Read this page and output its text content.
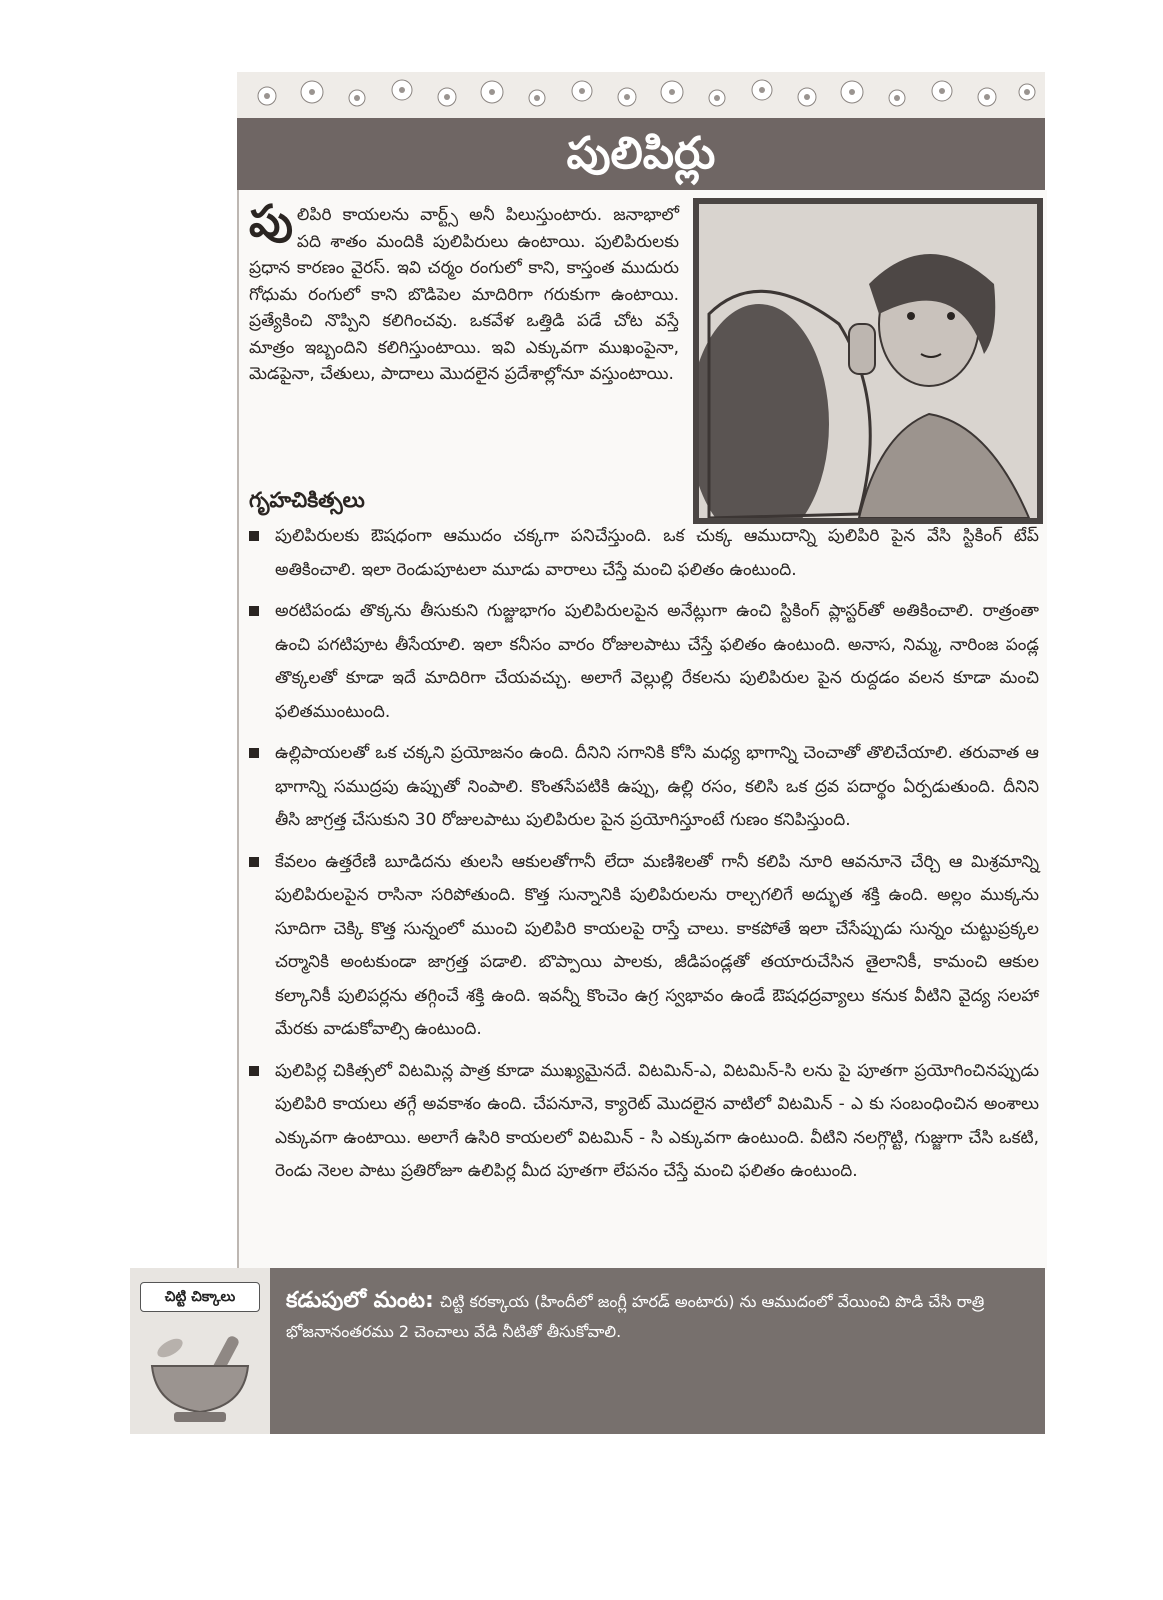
పులిపిర్లు
పులిపిరి కాయలను వార్ట్స్ అనీ పిలుస్తుంటారు. జనాభాలో పది శాతం మందికి పులిపిరులు ఉంటాయి. పులిపిరులకు ప్రధాన కారణం వైరస్. ఇవి చర్మం రంగులో కాని, కాస్తంత ముదురు గోధుమ రంగులో కాని బొడిపెల మాదిరిగా గరుకుగా ఉంటాయి. ప్రత్యేకించి నొప్పిని కలిగించవు. ఒకవేళ ఒత్తిడి పడే చోట వస్తే మాత్రం ఇబ్బందిని కలిగిస్తుంటాయి. ఇవి ఎక్కువగా ముఖంపైనా, మెడపైనా, చేతులు, పాదాలు మొదలైన ప్రదేశాల్లోనూ వస్తుంటాయి.
గృహచికిత్సలు
పులిపిరులకు ఔషధంగా ఆముదం చక్కగా పనిచేస్తుంది. ఒక చుక్క ఆముదాన్ని పులిపిరి పైన వేసి స్టికింగ్ టేప్ అతికించాలి. ఇలా రెండుపూటలా మూడు వారాలు చేస్తే మంచి ఫలితం ఉంటుంది.
అరటిపండు తొక్కను తీసుకుని గుజ్జుభాగం పులిపిరులపైన అనేట్లుగా ఉంచి స్టికింగ్ ప్లాస్టర్‌తో అతికించాలి. రాత్రంతా ఉంచి పగటిపూట తీసేయాలి. ఇలా కనీసం వారం రోజులపాటు చేస్తే ఫలితం ఉంటుంది. అనాస, నిమ్మ, నారింజ పండ్ల తొక్కలతో కూడా ఇదే మాదిరిగా చేయవచ్చు. అలాగే వెల్లుల్లి రేకలను పులిపిరుల పైన రుద్దడం వలన కూడా మంచి ఫలితముంటుంది.
ఉల్లిపాయలతో ఒక చక్కని ప్రయోజనం ఉంది. దీనిని సగానికి కోసి మధ్య భాగాన్ని చెంచాతో తొలిచేయాలి. తరువాత ఆ భాగాన్ని సముద్రపు ఉప్పుతో నింపాలి. కొంతసేపటికి ఉప్పు, ఉల్లి రసం, కలిసి ఒక ద్రవ పదార్థం ఏర్పడుతుంది. దీనిని తీసి జాగ్రత్త చేసుకుని 30 రోజులపాటు పులిపిరుల పైన ప్రయోగిస్తూంటే గుణం కనిపిస్తుంది.
కేవలం ఉత్తరేణి బూడిదను తులసి ఆకులతోగానీ లేదా మణిశిలతో గానీ కలిపి నూరి ఆవనూనె చేర్చి ఆ మిశ్రమాన్ని పులిపిరులపైన రాసినా సరిపోతుంది. కొత్త సున్నానికి పులిపిరులను రాల్చగలిగే అద్భుత శక్తి ఉంది. అల్లం ముక్కను సూదిగా చెక్కి కొత్త సున్నంలో ముంచి పులిపిరి కాయలపై రాస్తే చాలు. కాకపోతే ఇలా చేసేప్పుడు సున్నం చుట్టుప్రక్కల చర్మానికి అంటకుండా జాగ్రత్త పడాలి. బొప్పాయి పాలకు, జీడిపండ్లతో తయారుచేసిన తైలానికీ, కామంచి ఆకుల కల్కానికీ పులిపర్లను తగ్గించే శక్తి ఉంది. ఇవన్నీ కొంచెం ఉగ్ర స్వభావం ఉండే ఔషధద్రవ్యాలు కనుక వీటిని వైద్య సలహా మేరకు వాడుకోవాల్సి ఉంటుంది.
పులిపిర్ల చికిత్సలో విటమిన్ల పాత్ర కూడా ముఖ్యమైనదే. విటమిన్-ఎ, విటమిన్-సి లను పై పూతగా ప్రయోగించినప్పుడు పులిపిరి కాయలు తగ్గే అవకాశం ఉంది. చేపనూనె, క్యారెట్ మొదలైన వాటిలో విటమిన్ - ఎ కు సంబంధించిన అంశాలు ఎక్కువగా ఉంటాయి. అలాగే ఉసిరి కాయలలో విటమిన్ - సి ఎక్కువగా ఉంటుంది. వీటిని నలగ్గొట్టి, గుజ్జుగా చేసి ఒకటి, రెండు నెలల పాటు ప్రతిరోజూ ఉలిపిర్ల మీద పూతగా లేపనం చేస్తే మంచి ఫలితం ఉంటుంది.
చిట్టి చిక్కాలు	కడుపులో మంట: చిట్టి కరక్కాయ (హిందీలో జంగ్లీ హరడ్ అంటారు) ను ఆముదంలో వేయించి పొడి చేసి రాత్రి భోజనానంతరము 2 చెంచాలు వేడి నీటితో తీసుకోవాలి.
